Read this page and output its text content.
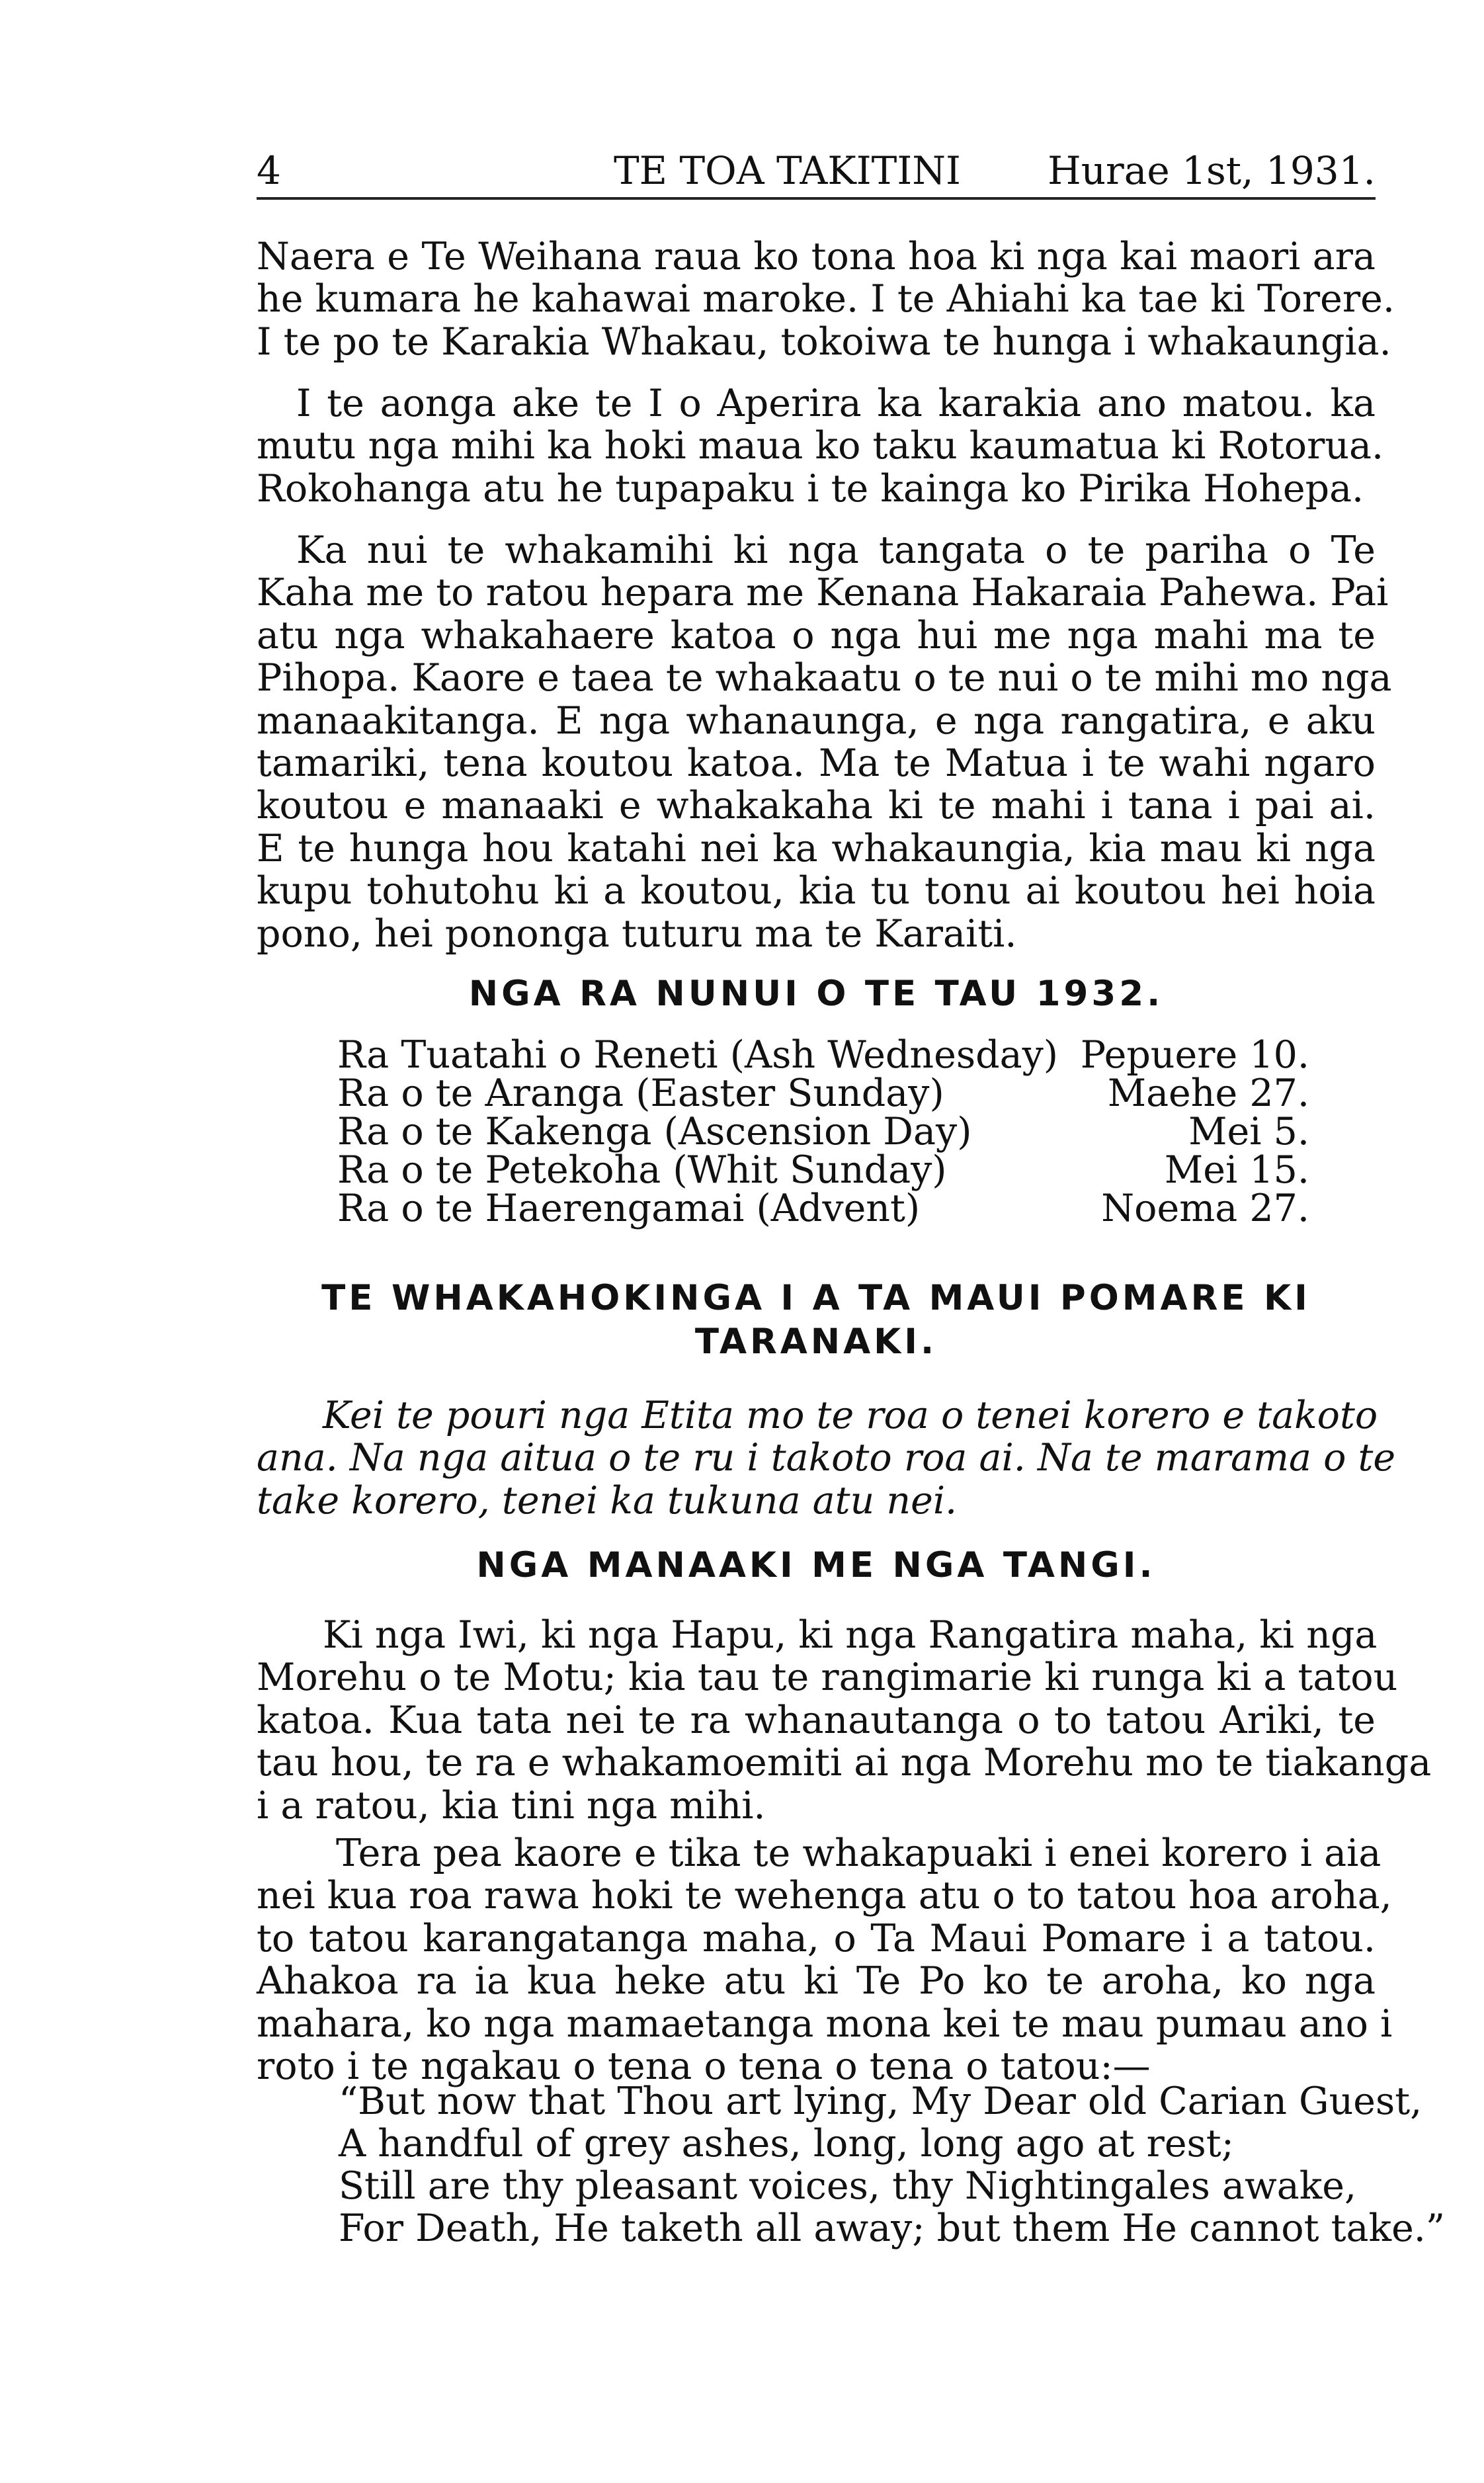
4	TE TOA TAKITINI Hurae 1st, 1931.
Naera e Te Weihana raua ko tona hoa ki nga kai maori ara
he kumara he kahawai maroke. I te Ahiahi ka tae ki Torere.
I te po te Karakia Whakau, tokoiwa te hunga i whakaungia.
I te aonga ake te I o Aperira ka karakia ano matou. ka
mutu nga mihi ka hoki maua ko taku kaumatua ki Rotorua.
Rokohanga atu he tupapaku i te kainga ko Pirika Hohepa.
Ka nui te whakamihi ki nga tangata o te pariha o Te
Kaha me to ratou hepara me Kenana Hakaraia Pahewa. Pai
atu nga whakahaere katoa o nga hui me nga mahi ma te
Pihopa. Kaore e taea te whakaatu o te nui o te mihi mo nga
manaakitanga. E nga whanaunga, e nga rangatira, e aku
tamariki, tena koutou katoa. Ma te Matua i te wahi ngaro
koutou e manaaki e whakakaha ki te mahi i tana i pai ai.
E te hunga hou katahi nei ka whakaungia, kia mau ki nga
kupu tohutohu ki a koutou, kia tu tonu ai koutou hei hoia
pono, hei pononga tuturu ma te Karaiti.
NGA RA NUNUI O TE TAU 1932.
Ra Tuatahi o Reneti (Ash Wednesday) Pepuere 10.
Ra o te Aranga (Easter Sunday)	Maehe 27.
Ra o te Kakenga (Ascension Day)	Mei 5.
Ra o te Petekoha (Whit Sunday)	Mei 15.
Ra o te Haerengamai (Advent)	Noema 27.
TE WHAKAHOKINGA I A TA MAUI POMARE KI
TARANAKI.
Kei te pouri nga Etita mo te roa o tenei korero e takoto
ana. Na nga aitua o te ru i takoto roa ai. Na te marama o te
take korero, tenei ka tukuna atu nei.
NGA MANAAKI ME NGA TANGI.
Ki nga Iwi, ki nga Hapu, ki nga Rangatira maha, ki nga
Morehu o te Motu; kia tau te rangimarie ki runga ki a tatou
katoa. Kua tata nei te ra whanautanga o to tatou Ariki, te
tau hou, te ra e whakamoemiti ai nga Morehu mo te tiakanga
i a ratou, kia tini nga mihi.
Tera pea kaore e tika te whakapuaki i enei korero i aia
nei kua roa rawa hoki te wehenga atu o to tatou hoa aroha,
to tatou karangatanga maha, o Ta Maui Pomare i a tatou.
Ahakoa ra ia kua heke atu ki Te Po ko te aroha, ko nga
mahara, ko nga mamaetanga mona kei te mau pumau ano i
roto i te ngakau o tena o tena o tena o tatou:—
“But now that Thou art lying, My Dear old Carian Guest,
A handful of grey ashes, long, long ago at rest;
Still are thy pleasant voices, thy Nightingales awake,
For Death, He taketh all away; but them He cannot take.”
